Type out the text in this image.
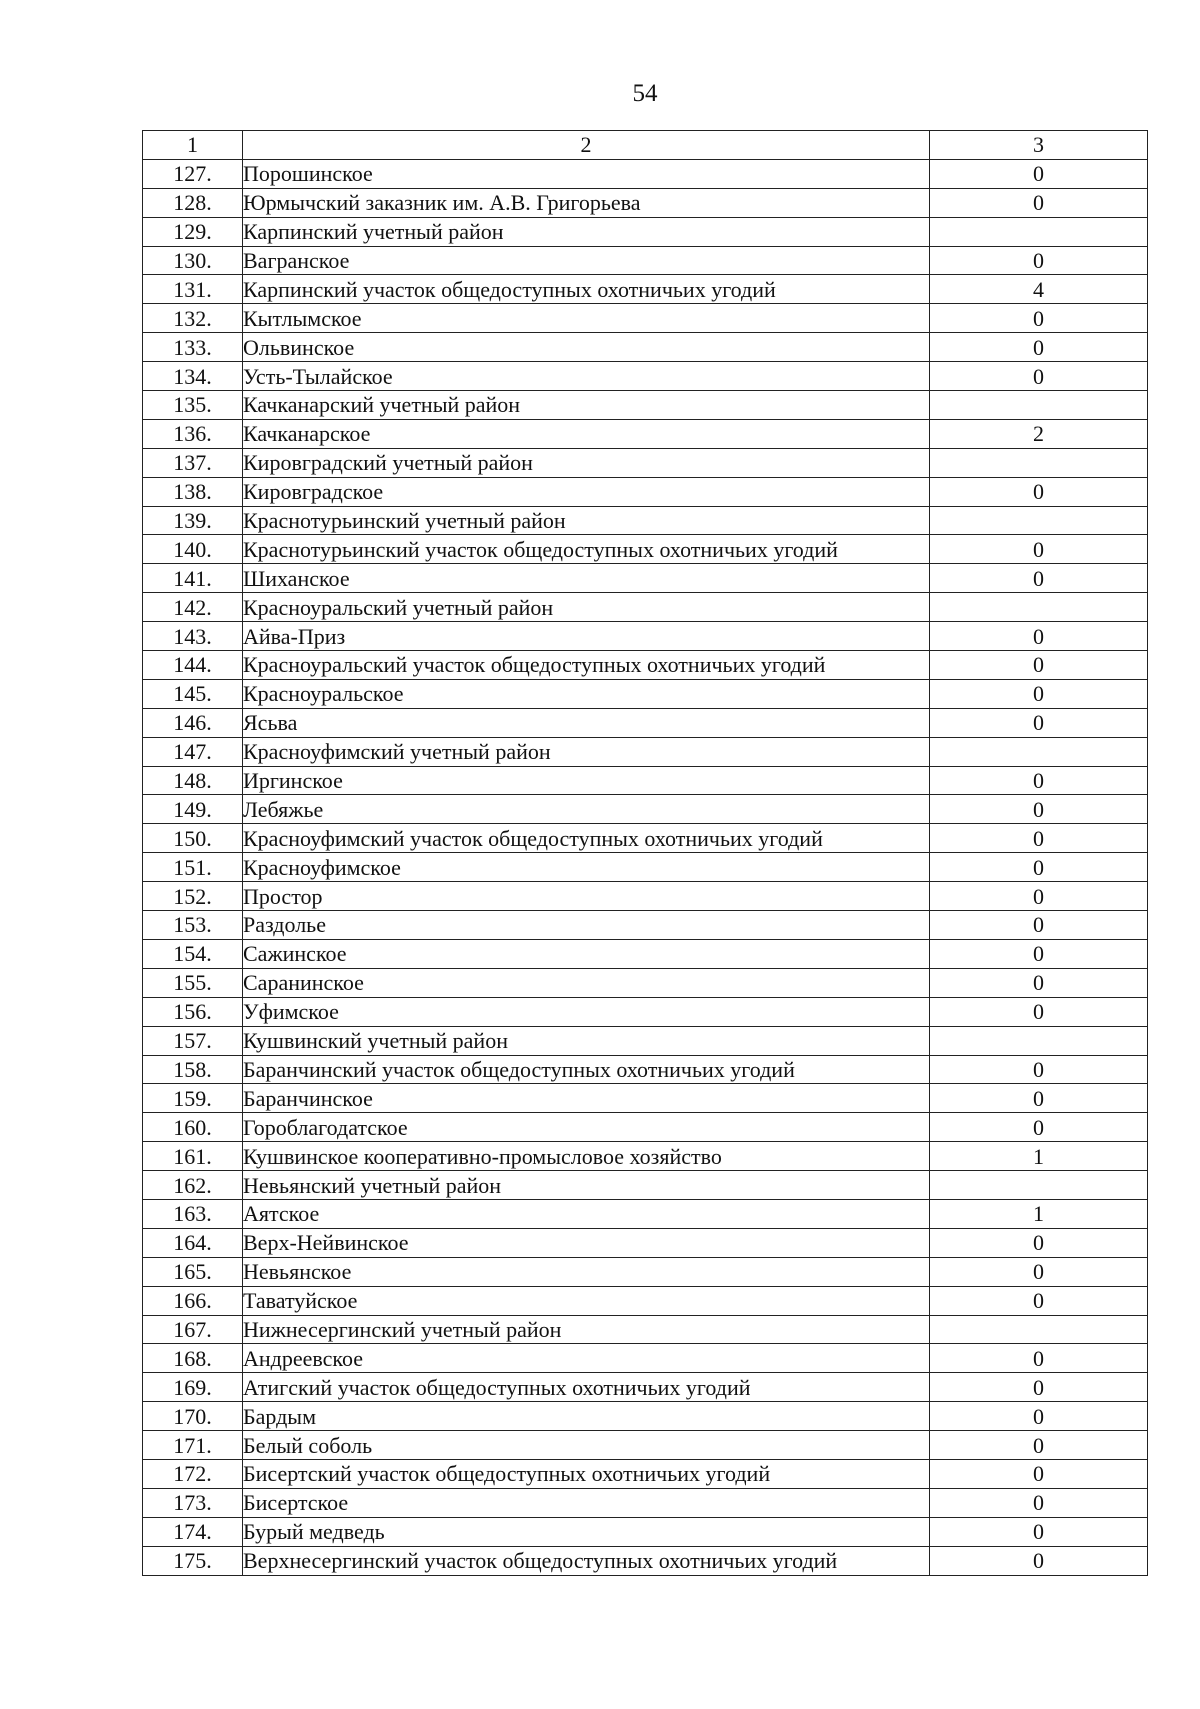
54
1	2	3
127.	Порошинское	0
128.	Юрмычский заказник им. А.В. Григорьева	0
129.	Карпинский учетный район	
130.	Вагранское	0
131.	Карпинский участок общедоступных охотничьих угодий	4
132.	Кытлымское	0
133.	Ольвинское	0
134.	Усть-Тылайское	0
135.	Качканарский учетный район	
136.	Качканарское	2
137.	Кировградский учетный район	
138.	Кировградское	0
139.	Краснотурьинский учетный район	
140.	Краснотурьинский участок общедоступных охотничьих угодий	0
141.	Шиханское	0
142.	Красноуральский учетный район	
143.	Айва-Приз	0
144.	Красноуральский участок общедоступных охотничьих угодий	0
145.	Красноуральское	0
146.	Ясьва	0
147.	Красноуфимский учетный район	
148.	Иргинское	0
149.	Лебяжье	0
150.	Красноуфимский участок общедоступных охотничьих угодий	0
151.	Красноуфимское	0
152.	Простор	0
153.	Раздолье	0
154.	Сажинское	0
155.	Саранинское	0
156.	Уфимское	0
157.	Кушвинский учетный район	
158.	Баранчинский участок общедоступных охотничьих угодий	0
159.	Баранчинское	0
160.	Гороблагодатское	0
161.	Кушвинское кооперативно-промысловое хозяйство	1
162.	Невьянский учетный район	
163.	Аятское	1
164.	Верх-Нейвинское	0
165.	Невьянское	0
166.	Таватуйское	0
167.	Нижнесергинский учетный район	
168.	Андреевское	0
169.	Атигский участок общедоступных охотничьих угодий	0
170.	Бардым	0
171.	Белый соболь	0
172.	Бисертский участок общедоступных охотничьих угодий	0
173.	Бисертское	0
174.	Бурый медведь	0
175.	Верхнесергинский участок общедоступных охотничьих угодий	0
